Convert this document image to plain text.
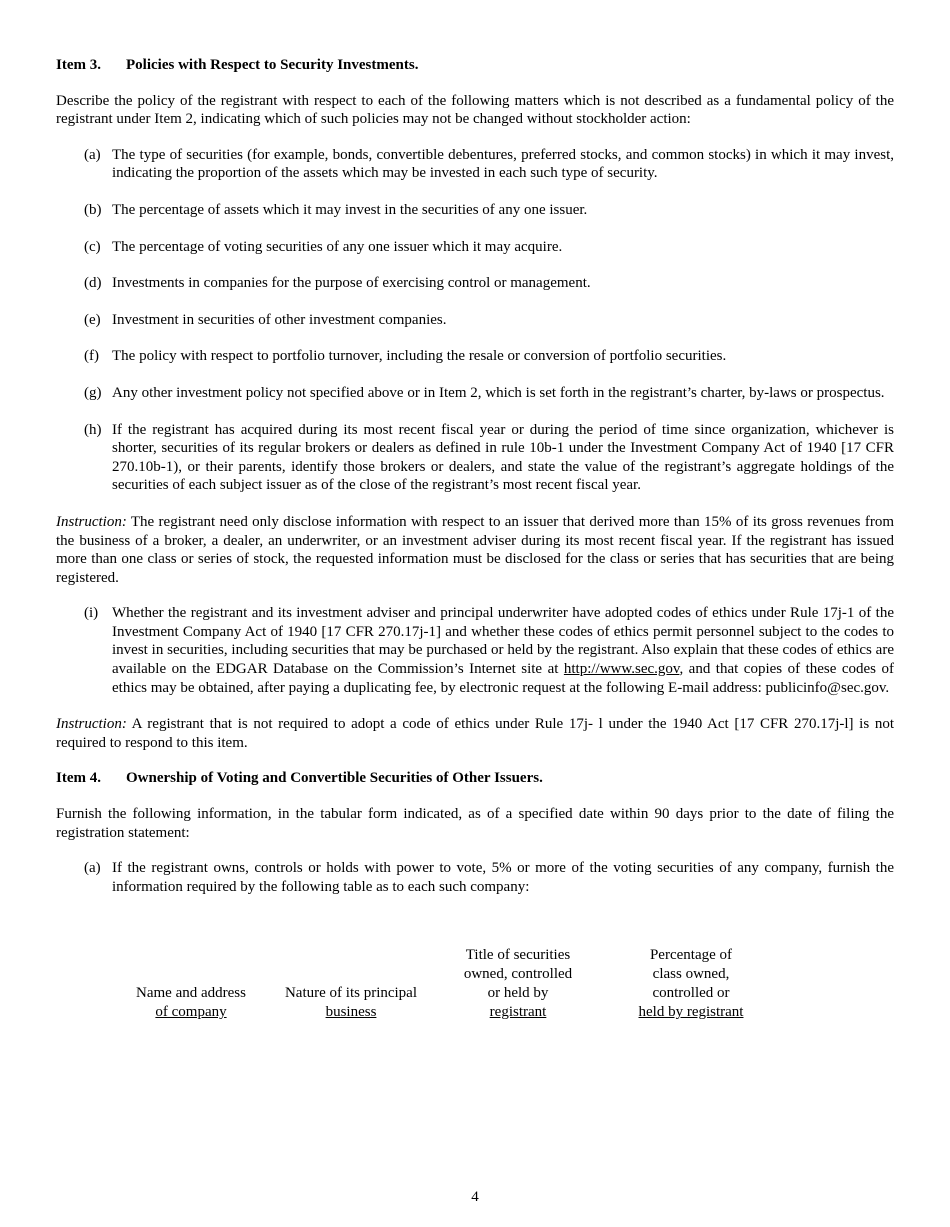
Item 3.	Policies with Respect to Security Investments.

Describe the policy of the registrant with respect to each of the following matters which is not described as a fundamental policy of the registrant under Item 2, indicating which of such policies may not be changed without stockholder action:

(a) The type of securities (for example, bonds, convertible debentures, preferred stocks, and common stocks) in which it may invest, indicating the proportion of the assets which may be invested in each such type of security.
(b) The percentage of assets which it may invest in the securities of any one issuer.
(c) The percentage of voting securities of any one issuer which it may acquire.
(d) Investments in companies for the purpose of exercising control or management.
(e) Investment in securities of other investment companies.
(f) The policy with respect to portfolio turnover, including the resale or conversion of portfolio securities.
(g) Any other investment policy not specified above or in Item 2, which is set forth in the registrant’s charter, by-laws or prospectus.
(h) If the registrant has acquired during its most recent fiscal year or during the period of time since organization, whichever is shorter, securities of its regular brokers or dealers as defined in rule 10b-1 under the Investment Company Act of 1940 [17 CFR 270.10b-1), or their parents, identify those brokers or dealers, and state the value of the registrant’s aggregate holdings of the securities of each subject issuer as of the close of the registrant’s most recent fiscal year.

Instruction: The registrant need only disclose information with respect to an issuer that derived more than 15% of its gross revenues from the business of a broker, a dealer, an underwriter, or an investment adviser during its most recent fiscal year. If the registrant has issued more than one class or series of stock, the requested information must be disclosed for the class or series that has securities that are being registered.

(i) Whether the registrant and its investment adviser and principal underwriter have adopted codes of ethics under Rule 17j-1 of the Investment Company Act of 1940 [17 CFR 270.17j-1] and whether these codes of ethics permit personnel subject to the codes to invest in securities, including securities that may be purchased or held by the registrant. Also explain that these codes of ethics are available on the EDGAR Database on the Commission’s Internet site at http://www.sec.gov, and that copies of these codes of ethics may be obtained, after paying a duplicating fee, by electronic request at the following E-mail address: publicinfo@sec.gov.

Instruction: A registrant that is not required to adopt a code of ethics under Rule 17j- l under the 1940 Act [17 CFR 270.17j-l] is not required to respond to this item.

Item 4.	Ownership of Voting and Convertible Securities of Other Issuers.

Furnish the following information, in the tabular form indicated, as of a specified date within 90 days prior to the date of filing the registration statement:

(a) If the registrant owns, controls or holds with power to vote, 5% or more of the voting securities of any company, furnish the information required by the following table as to each such company:
Name and address
of company
Nature of its principal
business
Title of securities
owned, controlled
or held by
registrant
Percentage of
class owned,
controlled or
held by registrant
4
